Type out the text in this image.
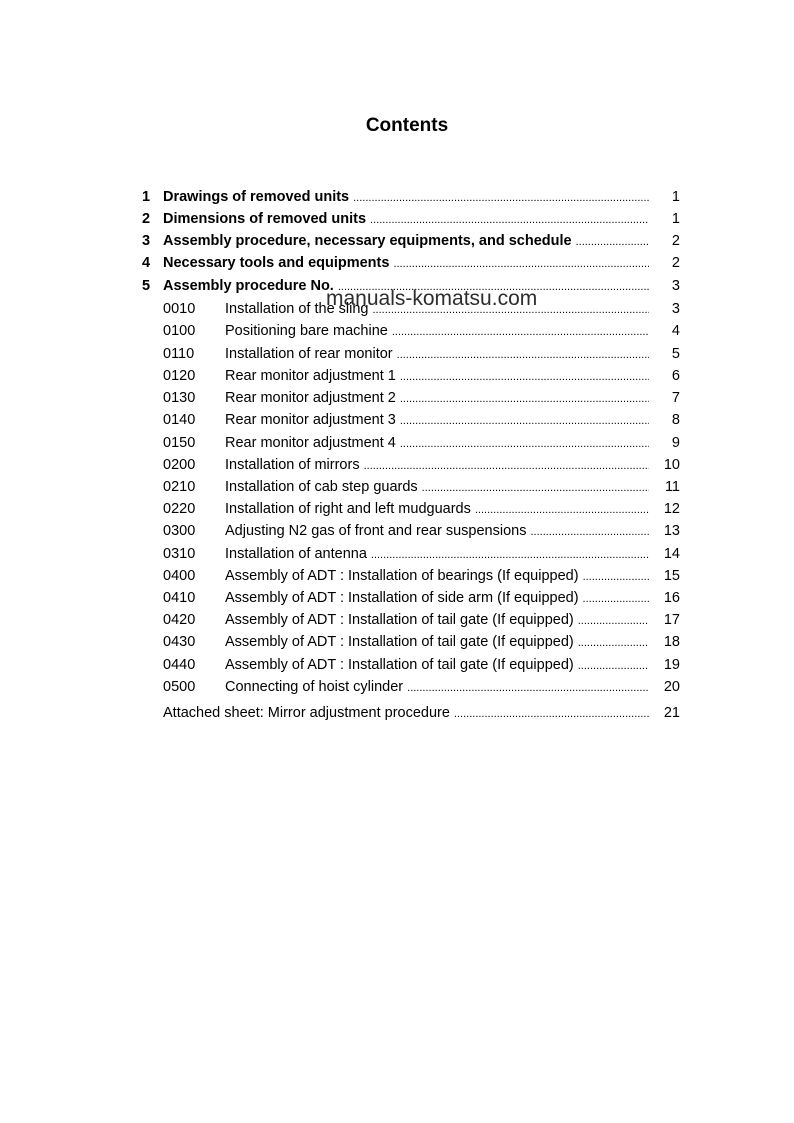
Contents
1 Drawings of removed units .....	1
2 Dimensions of removed units .....	1
3 Assembly procedure, necessary equipments, and schedule .....	2
4 Necessary tools and equipments .....	2
5 Assembly procedure No. .....	3
0010 Installation of the sling .....	3
0100 Positioning bare machine .....	4
0110 Installation of rear monitor .....	5
0120 Rear monitor adjustment 1 .....	6
0130 Rear monitor adjustment 2 .....	7
0140 Rear monitor adjustment 3 .....	8
0150 Rear monitor adjustment 4 .....	9
0200 Installation of mirrors .....	10
0210 Installation of cab step guards .....	11
0220 Installation of right and left mudguards .....	12
0300 Adjusting N2 gas of front and rear suspensions .....	13
0310 Installation of antenna .....	14
0400 Assembly of ADT : Installation of bearings (If equipped) .....	15
0410 Assembly of ADT : Installation of side arm (If equipped) .....	16
0420 Assembly of ADT : Installation of tail gate (If equipped) .....	17
0430 Assembly of ADT : Installation of tail gate (If equipped) .....	18
0440 Assembly of ADT : Installation of tail gate (If equipped) .....	19
0500 Connecting of hoist cylinder .....	20
Attached sheet: Mirror adjustment procedure .....	21
manuals-komatsu.com
